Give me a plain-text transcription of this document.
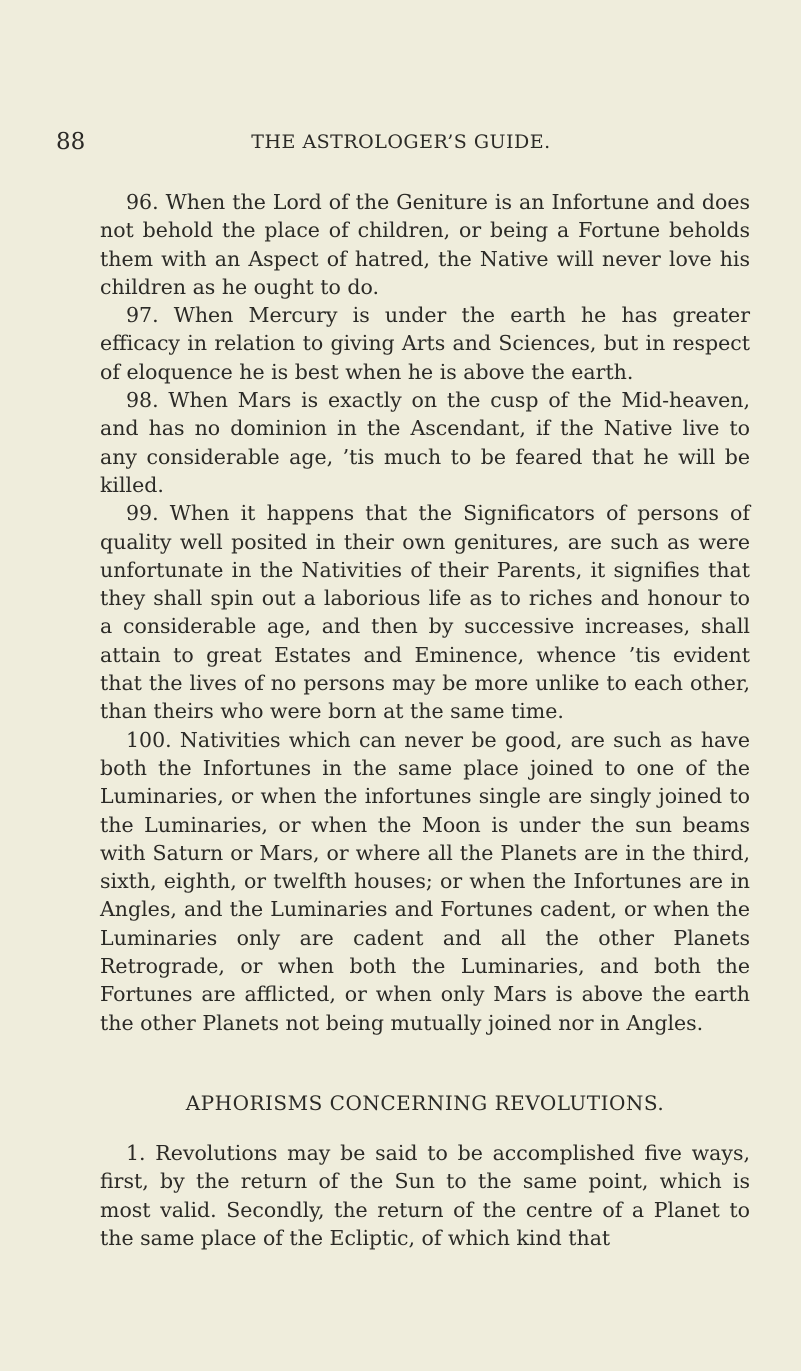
88	THE ASTROLOGER’S GUIDE.

96. When the Lord of the Geniture is an Infortune and does not behold the place of children, or being a Fortune beholds them with an Aspect of hatred, the Native will never love his children as he ought to do.

97. When Mercury is under the earth he has greater efficacy in relation to giving Arts and Sciences, but in respect of eloquence he is best when he is above the earth.

98. When Mars is exactly on the cusp of the Mid-heaven, and has no dominion in the Ascendant, if the Native live to any considerable age, ’tis much to be feared that he will be killed.

99. When it happens that the Significators of persons of quality well posited in their own genitures, are such as were unfortunate in the Nativities of their Parents, it signifies that they shall spin out a laborious life as to riches and honour to a considerable age, and then by successive increases, shall attain to great Estates and Eminence, whence ’tis evident that the lives of no persons may be more unlike to each other, than theirs who were born at the same time.

100. Nativities which can never be good, are such as have both the Infortunes in the same place joined to one of the Luminaries, or when the infortunes single are singly joined to the Luminaries, or when the Moon is under the sun beams with Saturn or Mars, or where all the Planets are in the third, sixth, eighth, or twelfth houses; or when the Infortunes are in Angles, and the Luminaries and Fortunes cadent, or when the Luminaries only are cadent and all the other Planets Retrograde, or when both the Luminaries, and both the Fortunes are afflicted, or when only Mars is above the earth the other Planets not being mutually joined nor in Angles.

APHORISMS CONCERNING REVOLUTIONS.

1. Revolutions may be said to be accomplished five ways, first, by the return of the Sun to the same point, which is most valid. Secondly, the return of the centre of a Planet to the same place of the Ecliptic, of which kind that
